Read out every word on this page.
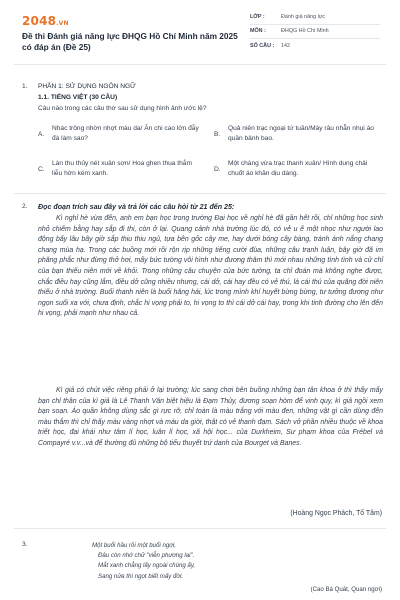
2048.VN
Đề thi Đánh giá năng lực ĐHQG Hồ Chí Minh năm 2025 có đáp án (Đề 25)
LỚP :	Đánh giá năng lực
MÔN :	ĐHQG Hồ Chí Minh
SỐ CÂU :	142
1. PHẦN 1: SỬ DỤNG NGÔN NGỮ
1.1. TIẾNG VIỆT (30 CÂU)
Câu nào trong các câu thơ sau sử dụng hình ảnh ước lệ?
A.
Nhác trông nhờn nhợt màu da/ Ăn chi cao lớn đẫy đà làm sao?
B.
Quả niên trạc ngoại tứ tuần/Mày râu nhẵn nhụi áo quần bảnh bao.
C.
Làn thu thủy nét xuân sơn/ Hoa ghen thua thắm liễu hờn kém xanh.
D.
Một chàng vừa trạc thanh xuân/ Hình dung chải chuốt áo khăn dịu dàng.
2. Đọc đoạn trích sau đây và trả lời các câu hỏi từ 21 đến 25:

Kì nghỉ hè vừa đến, anh em bạn học trong trường Đại học về nghỉ hè đã gần hết rồi, chỉ những học sinh nhỏ chiếm bằng hay sắp đi thi, còn ở lại. Quang cảnh nhà trường lúc đó, có vẻ u ế một nhọc như người lao động bấy lâu bây giờ sắp thiu thiu ngủ, tựa bên gốc cây me, hay dưới bóng cây bàng, tránh ánh nắng chang chang mùa hạ. Trong các buồng mới rồi rộn rịp những tiếng cười đùa, những câu tranh luận, bây giờ đã im phăng phắc như đừng thở hơi, mấy bức tường vôi hình như đương thăm thì mới nhau những tình tình và cử chỉ của bạn thiếu niên mới về khỏi. Trong những câu chuyện của bức tường, ta chỉ đoán mà không nghe được, chắc điều hay cũng lắm, điều dở cũng nhiều nhưng, cái dở, cái hay đều có vẻ thú, là cái thú của quãng đời niên thiếu ở nhà trường. Buổi thanh niên là buổi hăng hái, lúc trong mình khí huyết bừng bừng, tư tưởng đương như ngọn suối xa với, chưa định, chắc hi vọng phải to, hi vọng to thì cái dở cái hay, trong khi tinh đường cho lên đến hi vọng, phải mạnh như nhau cả.

Kì giả có chút việc riêng phải ở lại trường; lúc sang chơi bên buồng những bạn tân khoa ở thì thấy mấy bạn chỉ thân của kì giả là Lê Thanh Văn biệt hiệu là Đạm Thủy, đương soạn hòm để vinh quy, kì giả ngồi xem bạn soạn. Áo quần không dùng sắc gì rực rỡ, chỉ toàn là màu trắng với màu đen, những vật gì cần dùng đến màu thắm thì chỉ thấy màu vàng nhợt và màu da giời, thật có vẻ thanh đạm. Sách vở phần nhiều thuộc về khoa triết học, đại khái như tâm lí học, luân lí học, xã hội học... của Durkheim, Sư phạm khoa của Frébel và Compayré v.v...và để thường đủ những bộ tiểu thuyết trứ danh của Bourget và Banes.

(Hoàng Ngọc Phách, Tố Tâm)
3.	Một buổi hầu rồi một buổi ngơi,
Đâu còn nhớ chữ "viễn phương lai".
Mắt xanh chẳng lấy ngoài chúng ấy,
Sang nửa thì ngọt biết mấy đời.
(Cao Bá Quát, Quan ngơi)
